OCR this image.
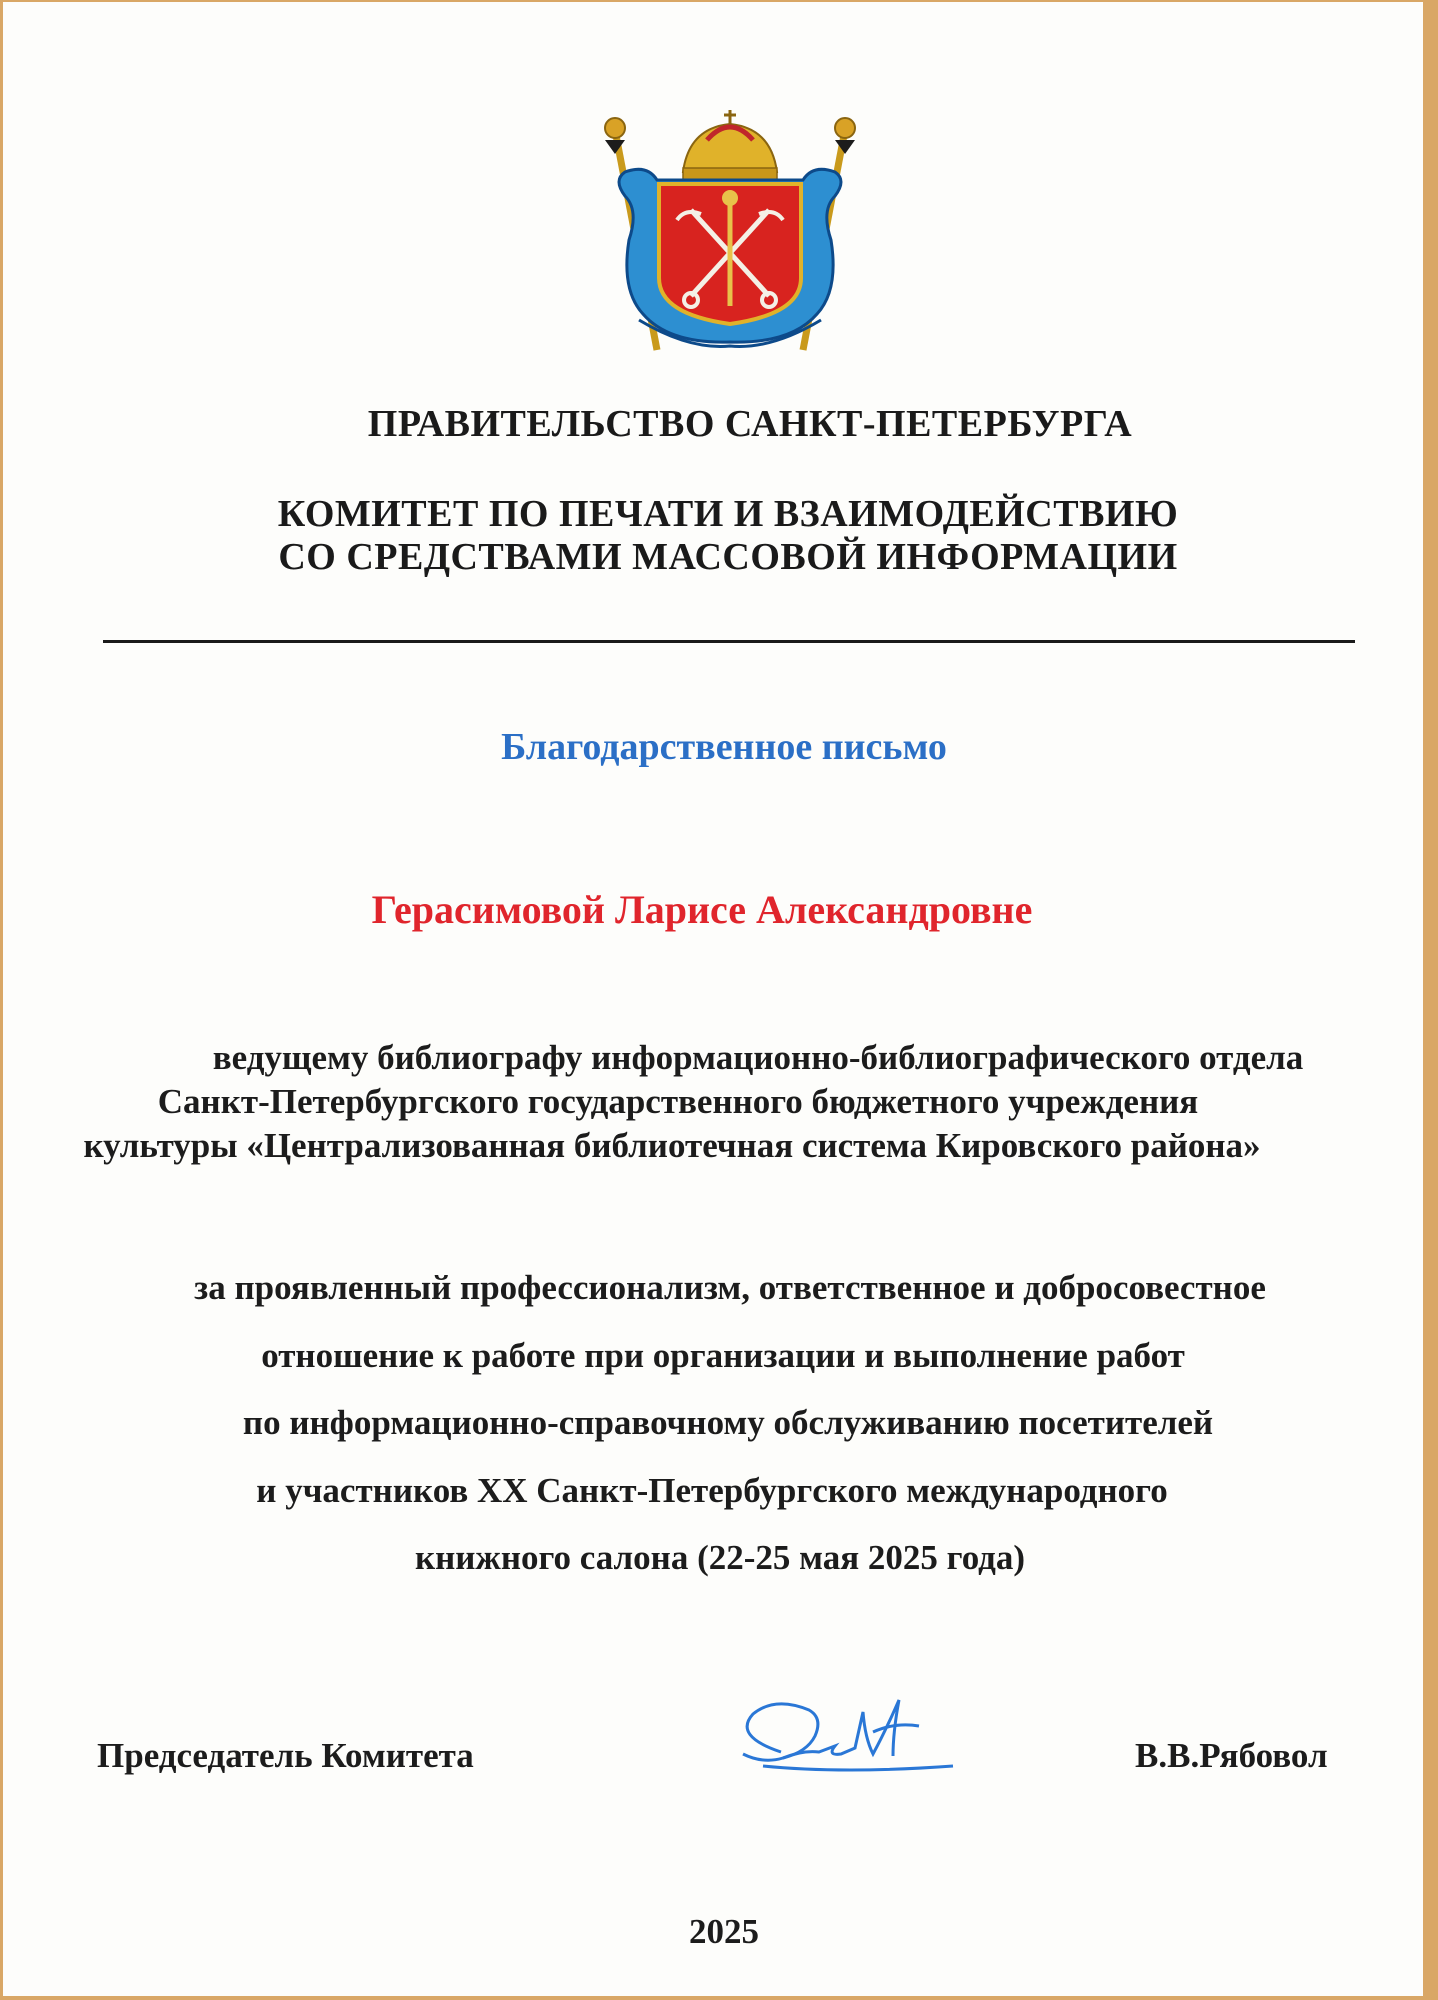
ПРАВИТЕЛЬСТВО САНКТ-ПЕТЕРБУРГА
КОМИТЕТ ПО ПЕЧАТИ И ВЗАИМОДЕЙСТВИЮ
СО СРЕДСТВАМИ МАССОВОЙ ИНФОРМАЦИИ
Благодарственное письмо
Герасимовой Ларисе Александровне
ведущему библиографу информационно-библиографического отдела
Санкт-Петербургского государственного бюджетного учреждения
культуры «Централизованная библиотечная система Кировского района»
за проявленный профессионализм, ответственное и добросовестное
отношение к работе при организации и выполнение работ
по информационно-справочному обслуживанию посетителей
и участников XX Санкт-Петербургского международного
книжного салона (22-25 мая 2025 года)
Председатель Комитета	В.В.Рябовол
2025
